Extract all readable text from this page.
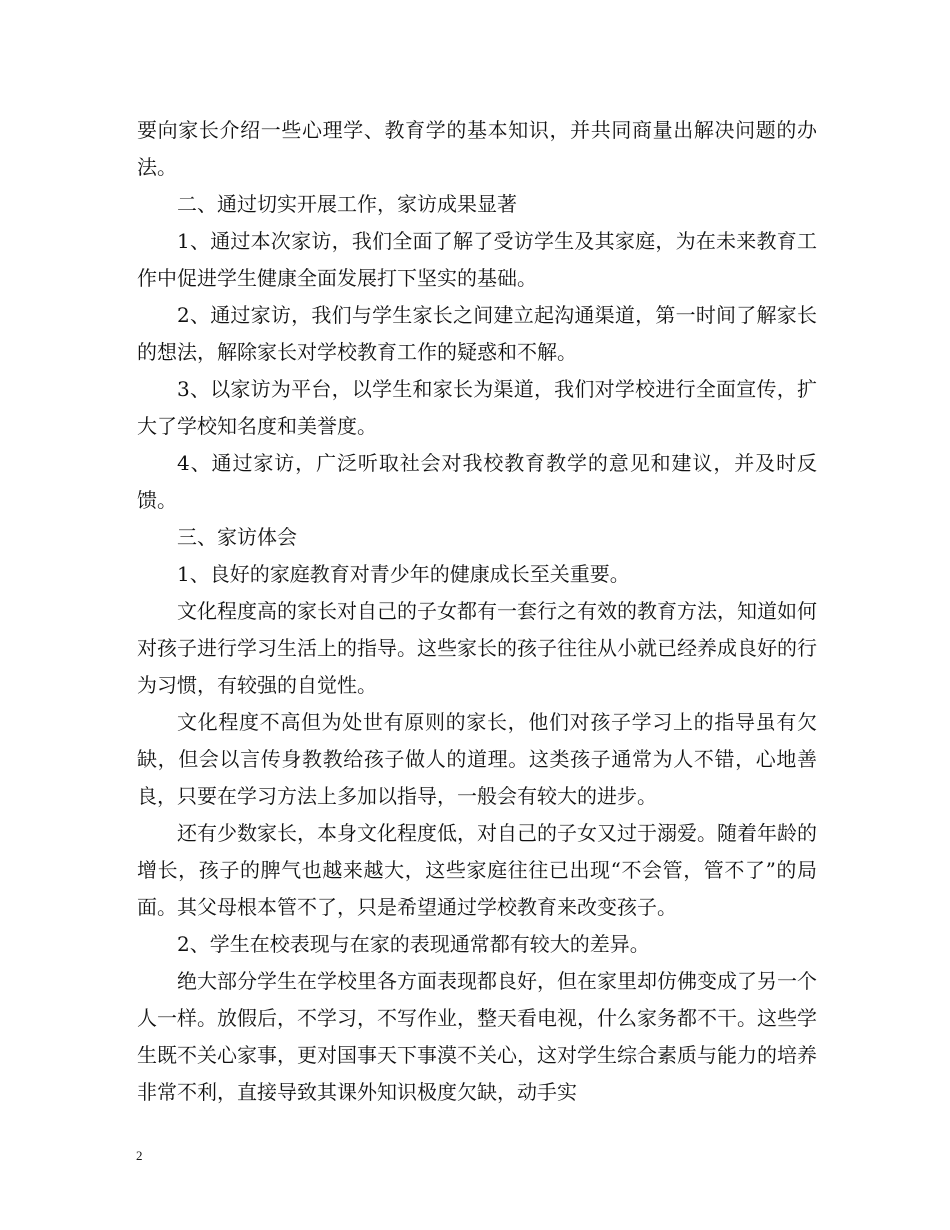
要向家长介绍一些心理学、教育学的基本知识，并共同商量出解决问题的办法。

二、通过切实开展工作，家访成果显著

1、通过本次家访，我们全面了解了受访学生及其家庭，为在未来教育工作中促进学生健康全面发展打下坚实的基础。

2、通过家访，我们与学生家长之间建立起沟通渠道，第一时间了解家长的想法，解除家长对学校教育工作的疑惑和不解。

3、以家访为平台，以学生和家长为渠道，我们对学校进行全面宣传，扩大了学校知名度和美誉度。

4、通过家访，广泛听取社会对我校教育教学的意见和建议，并及时反馈。

三、家访体会

1、良好的家庭教育对青少年的健康成长至关重要。

文化程度高的家长对自己的子女都有一套行之有效的教育方法，知道如何对孩子进行学习生活上的指导。这些家长的孩子往往从小就已经养成良好的行为习惯，有较强的自觉性。

文化程度不高但为处世有原则的家长，他们对孩子学习上的指导虽有欠缺，但会以言传身教教给孩子做人的道理。这类孩子通常为人不错，心地善良，只要在学习方法上多加以指导，一般会有较大的进步。

还有少数家长，本身文化程度低，对自己的子女又过于溺爱。随着年龄的增长，孩子的脾气也越来越大，这些家庭往往已出现“不会管，管不了”的局面。其父母根本管不了，只是希望通过学校教育来改变孩子。

2、学生在校表现与在家的表现通常都有较大的差异。

绝大部分学生在学校里各方面表现都良好，但在家里却仿佛变成了另一个人一样。放假后，不学习，不写作业，整天看电视，什么家务都不干。这些学生既不关心家事，更对国事天下事漠不关心，这对学生综合素质与能力的培养非常不利，直接导致其课外知识极度欠缺，动手实

2
